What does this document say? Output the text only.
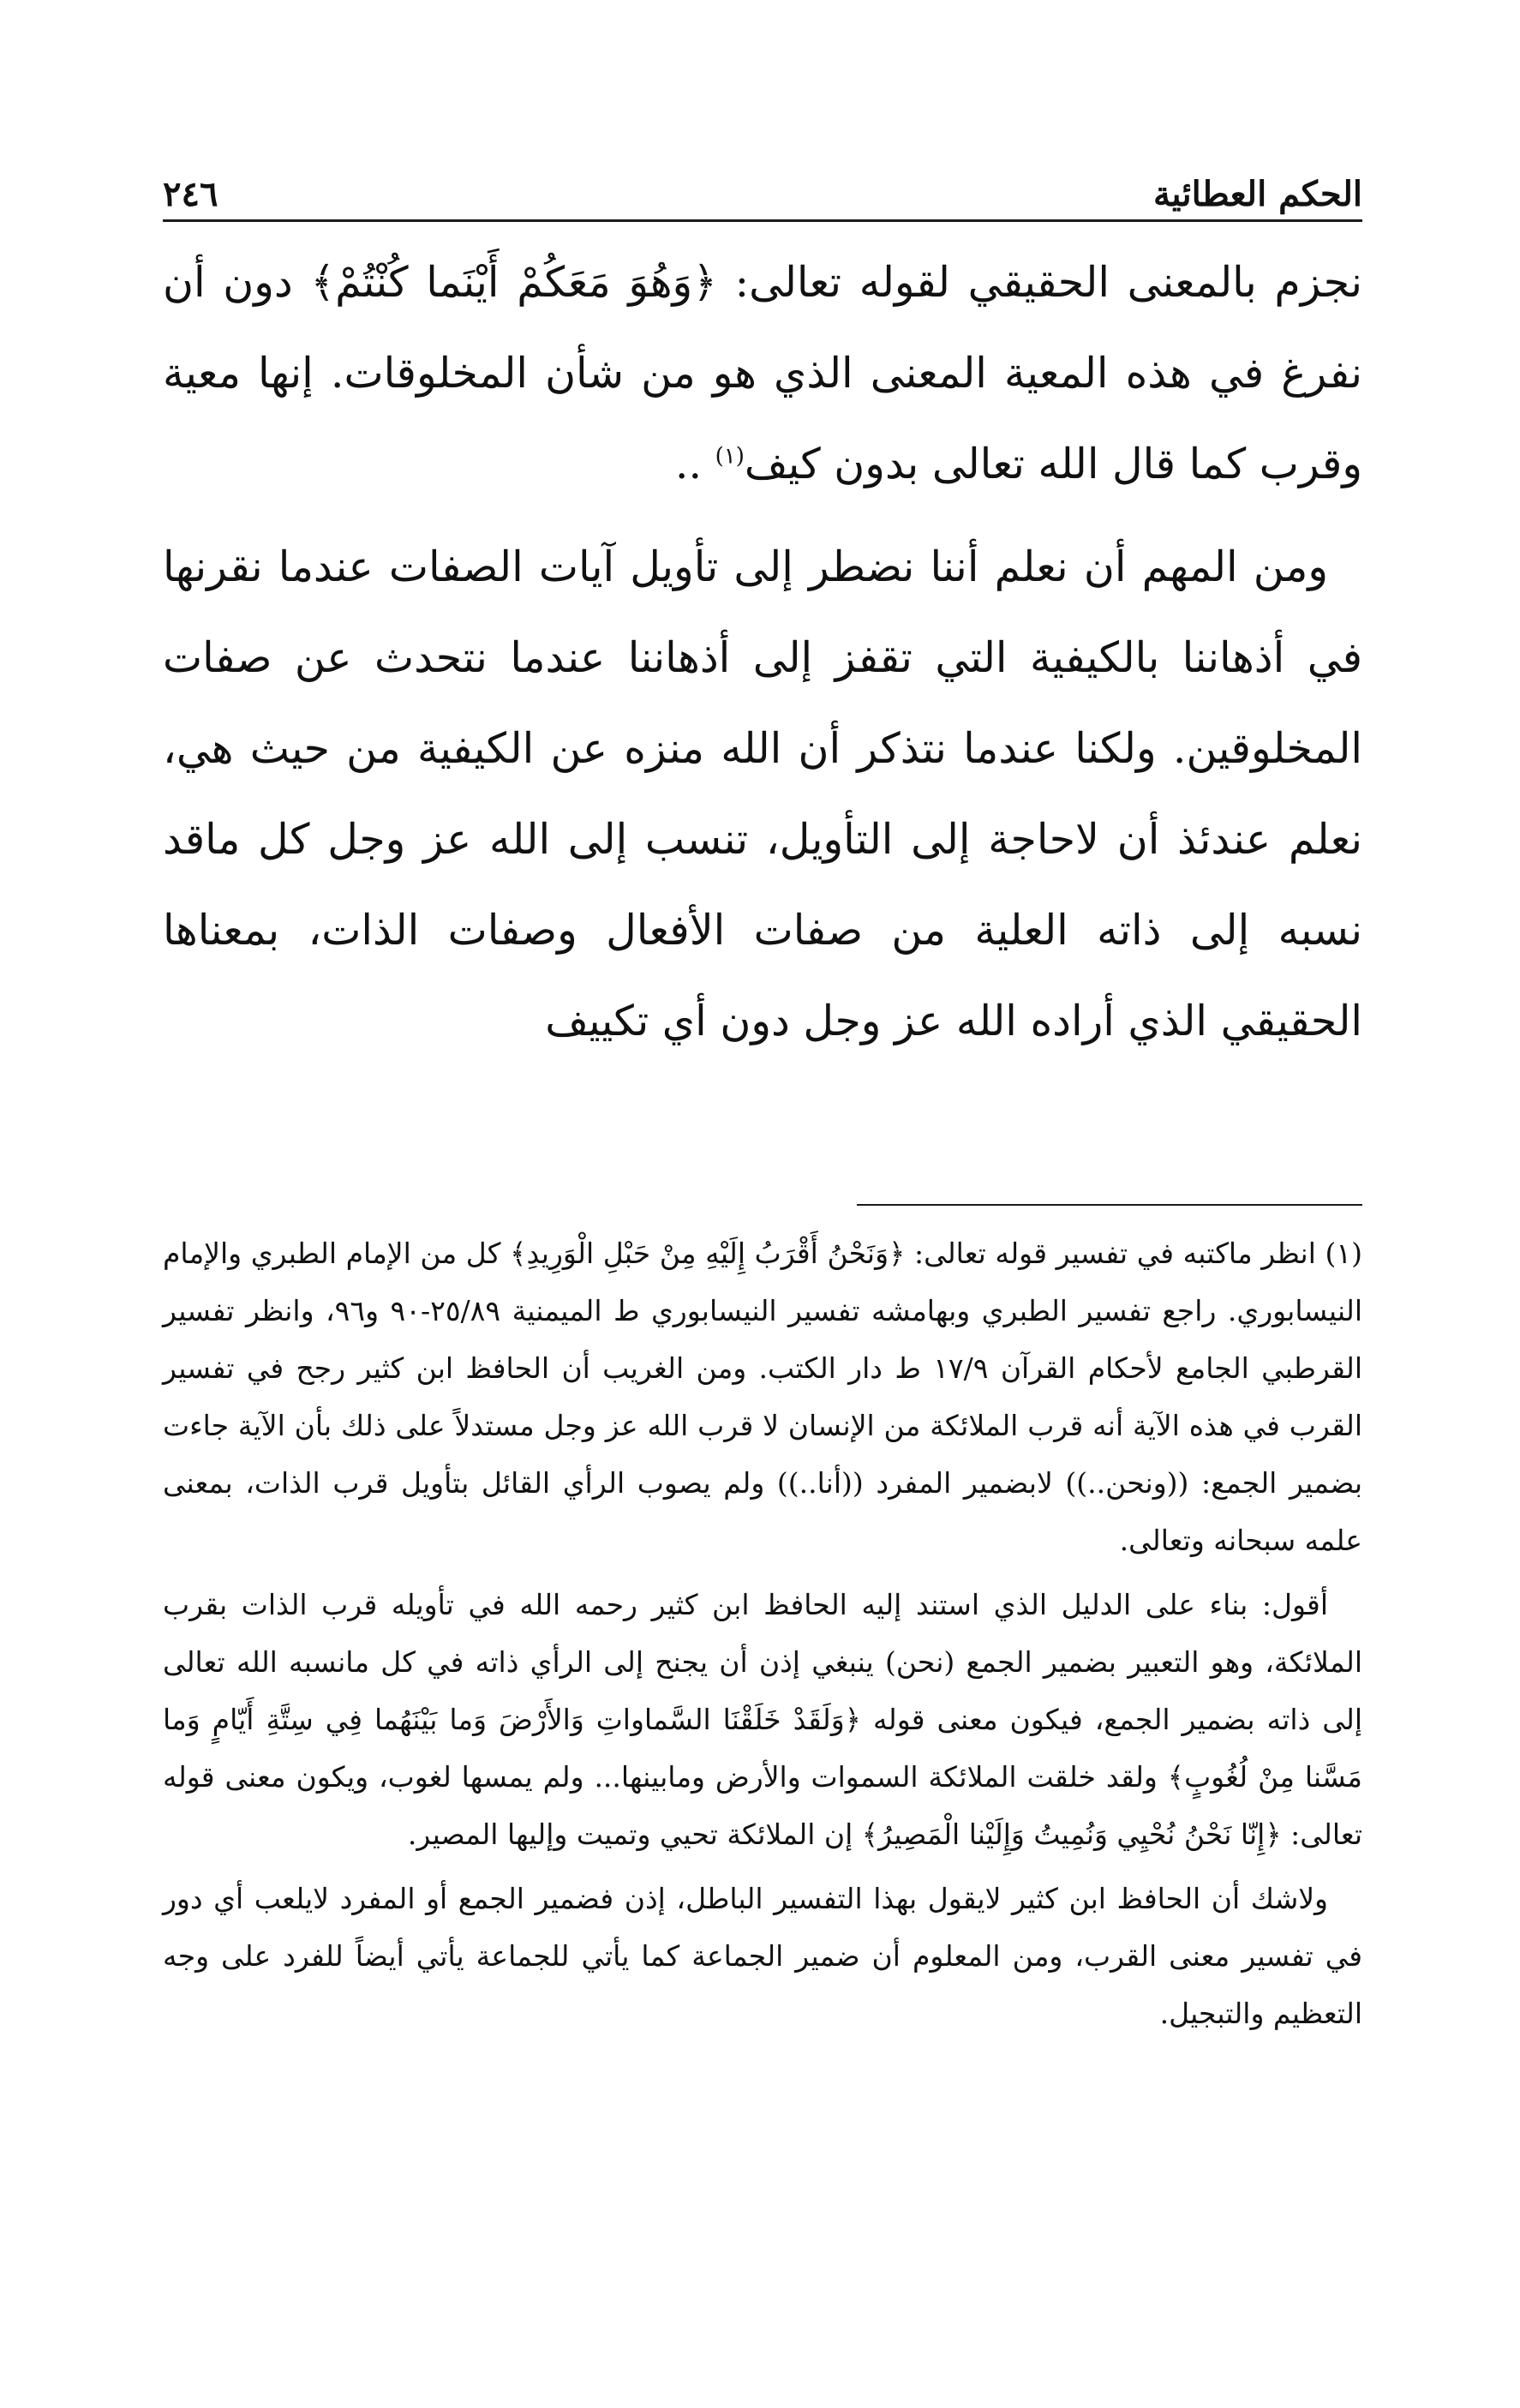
الحكم العطائية
٢٤٦

نجزم بالمعنى الحقيقي لقوله تعالى: ﴿وَهُوَ مَعَكُمْ أَيْنَما كُنْتُمْ﴾ دون أن نفرغ في هذه المعية المعنى الذي هو من شأن المخلوقات. إنها معية وقرب كما قال الله تعالى بدون كيف$^{(١)}$ ..

ومن المهم أن نعلم أننا نضطر إلى تأويل آيات الصفات عندما نقرنها في أذهاننا بالكيفية التي تقفز إلى أذهاننا عندما نتحدث عن صفات المخلوقين. ولكنا عندما نتذكر أن الله منزه عن الكيفية من حيث هي، نعلم عندئذ أن لاحاجة إلى التأويل، تنسب إلى الله عز وجل كل ماقد نسبه إلى ذاته العلية من صفات الأفعال وصفات الذات، بمعناها الحقيقي الذي أراده الله عز وجل دون أي تكييف

(١) انظر ماكتبه في تفسير قوله تعالى: ﴿وَنَحْنُ أَقْرَبُ إِلَيْهِ مِنْ حَبْلِ الْوَرِيدِ﴾ كل من الإمام الطبري والإمام النيسابوري. راجع تفسير الطبري وبهامشه تفسير النيسابوري ط الميمنية ٢٥/٨٩-٩٠ و٩٦، وانظر تفسير القرطبي الجامع لأحكام القرآن ١٧/٩ ط دار الكتب. ومن الغريب أن الحافظ ابن كثير رجح في تفسير القرب في هذه الآية أنه قرب الملائكة من الإنسان لا قرب الله عز وجل مستدلاً على ذلك بأن الآية جاءت بضمير الجمع: ((ونحن..)) لابضمير المفرد ((أنا..)) ولم يصوب الرأي القائل بتأويل قرب الذات، بمعنى علمه سبحانه وتعالى.

أقول: بناء على الدليل الذي استند إليه الحافظ ابن كثير رحمه الله في تأويله قرب الذات بقرب الملائكة، وهو التعبير بضمير الجمع (نحن) ينبغي إذن أن يجنح إلى الرأي ذاته في كل مانسبه الله تعالى إلى ذاته بضمير الجمع، فيكون معنى قوله ﴿وَلَقَدْ خَلَقْنَا السَّماواتِ وَالأَرْضَ وَما بَيْنَهُما فِي سِتَّةِ أَيّامٍ وَما مَسَّنا مِنْ لُغُوبٍ﴾ ولقد خلقت الملائكة السموات والأرض ومابينها... ولم يمسها لغوب، ويكون معنى قوله تعالى: ﴿إِنّا نَحْنُ نُحْيِي وَنُمِيتُ وَإِلَيْنا الْمَصِيرُ﴾ إن الملائكة تحيي وتميت وإليها المصير.

ولاشك أن الحافظ ابن كثير لايقول بهذا التفسير الباطل، إذن فضمير الجمع أو المفرد لايلعب أي دور في تفسير معنى القرب، ومن المعلوم أن ضمير الجماعة كما يأتي للجماعة يأتي أيضاً للفرد على وجه التعظيم والتبجيل.
